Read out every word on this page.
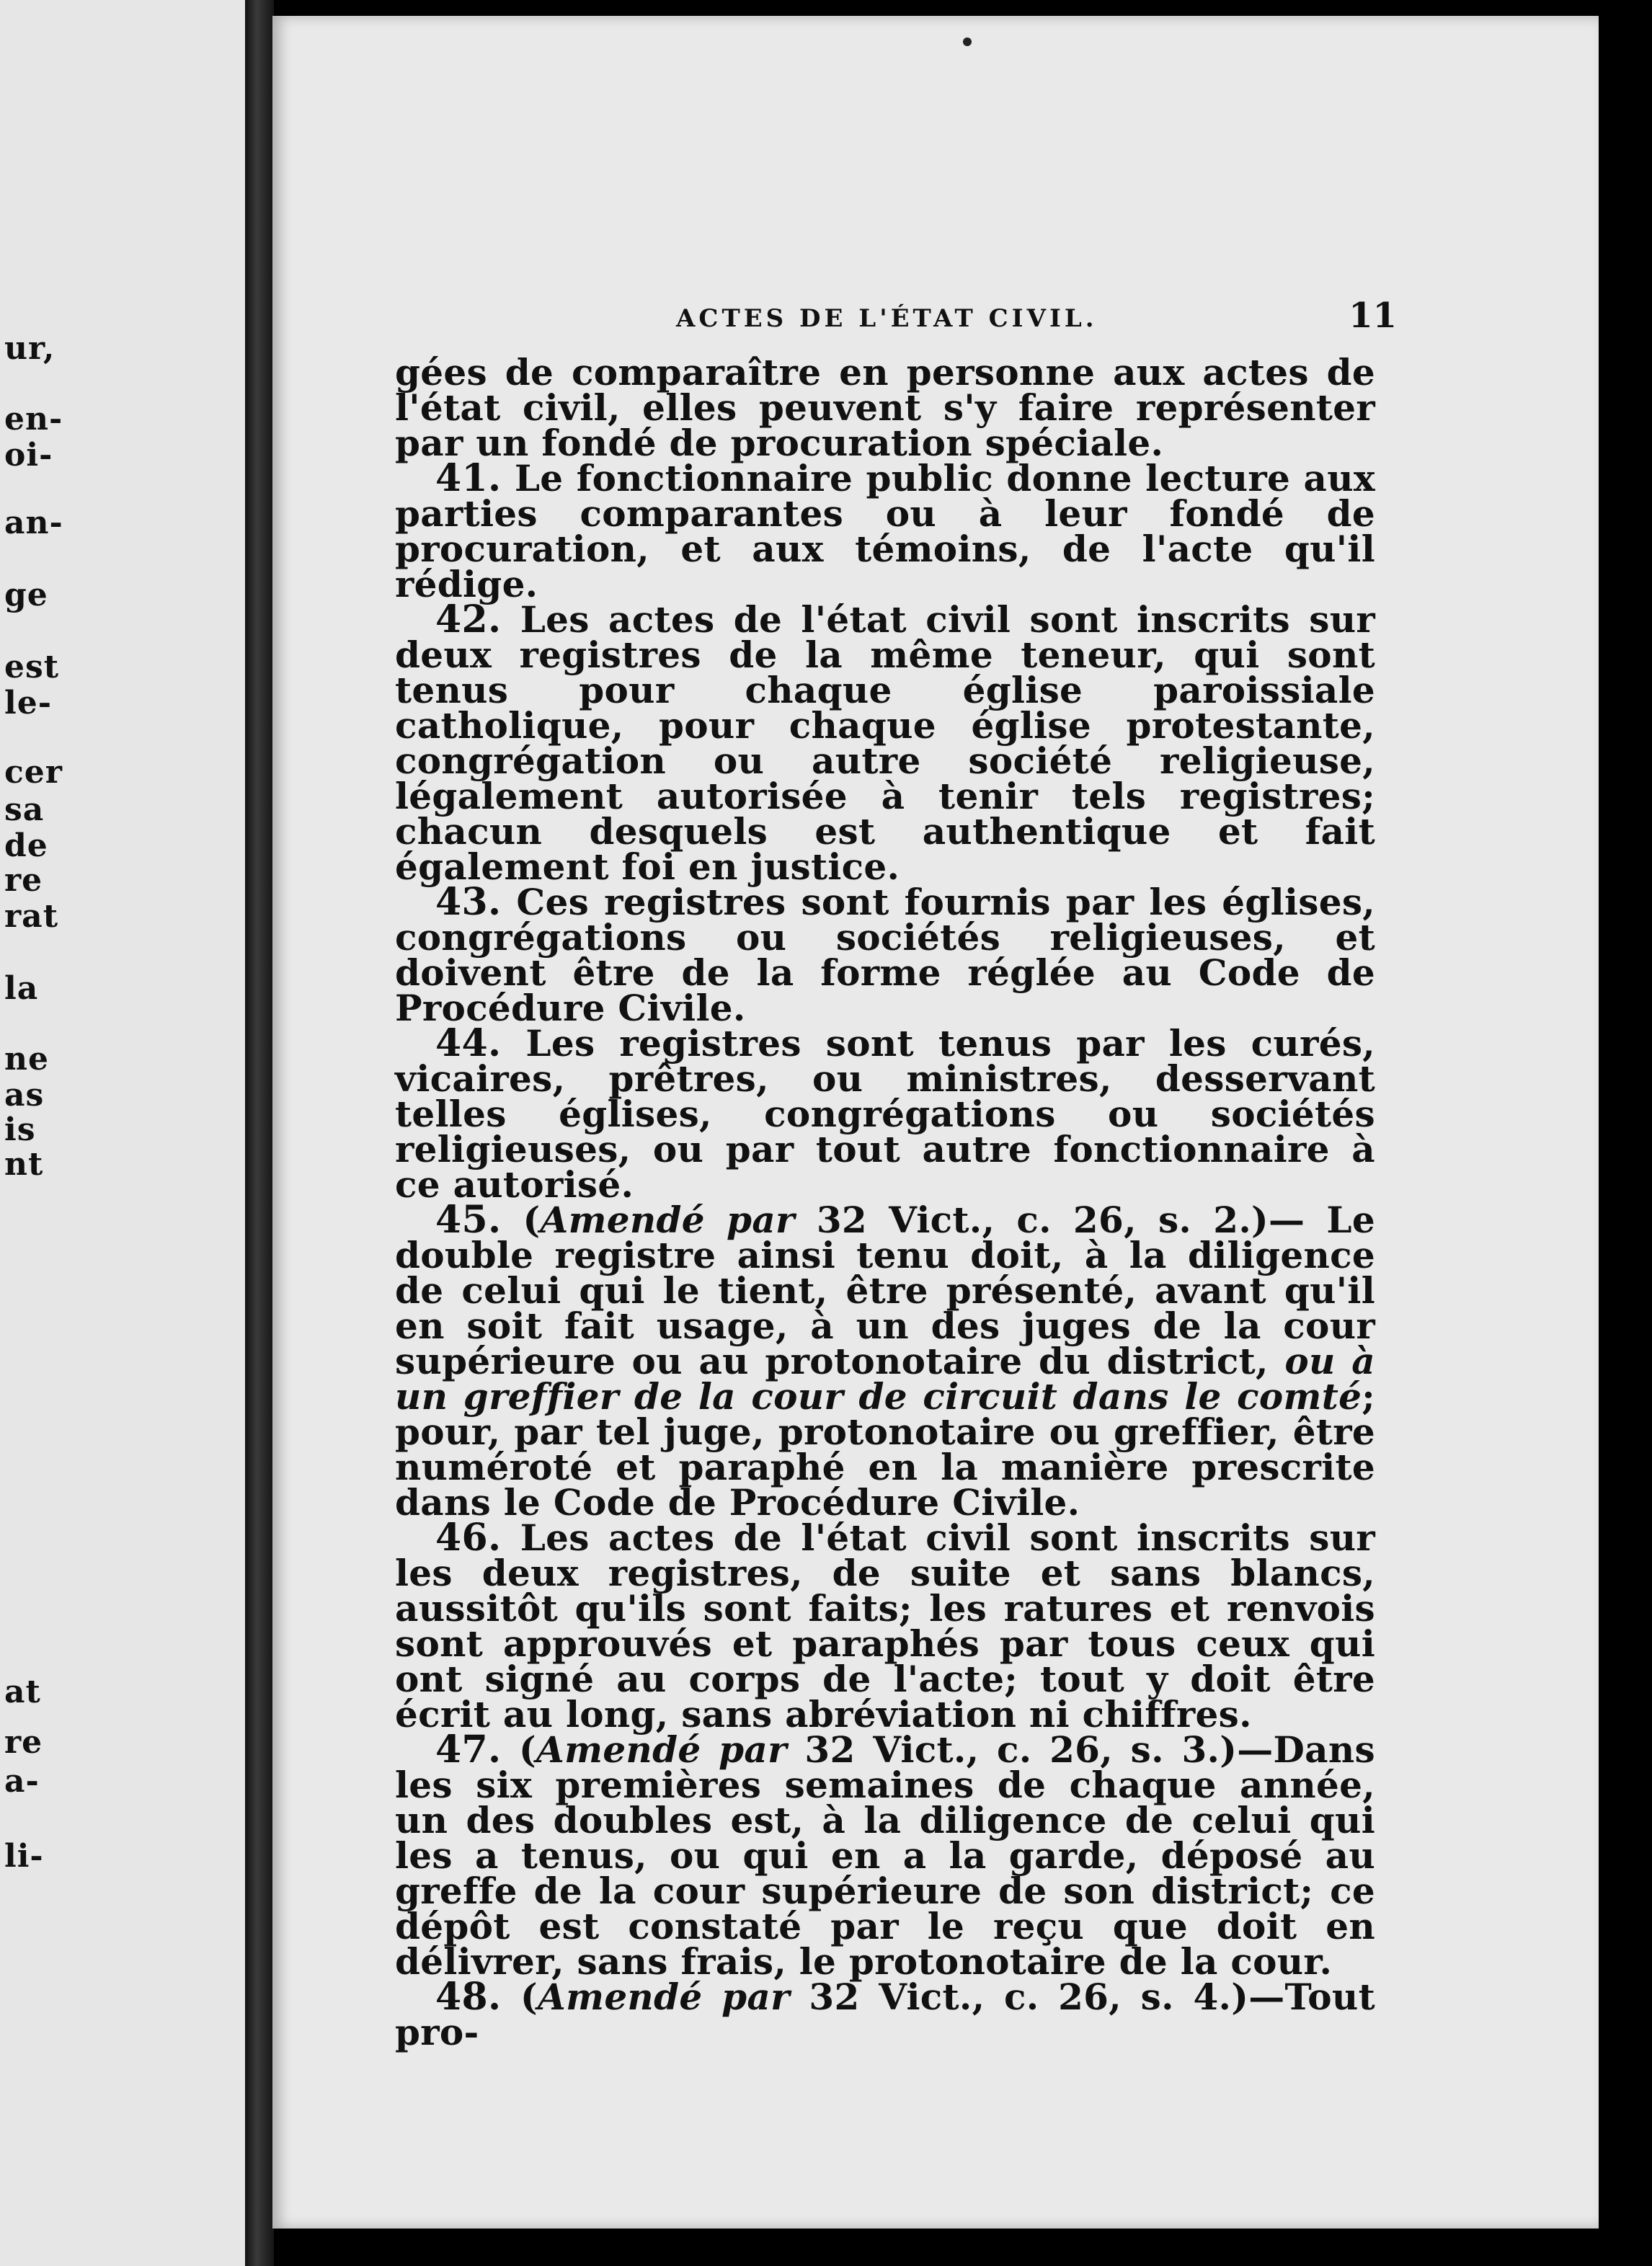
ur,
en-
oi-
an-
ge
est
le-
cer
sa
de
re
rat
la
ne
as
is
nt
at
re
a-
li-
ACTES DE L'ÉTAT CIVIL.	11

gées de comparaître en personne aux actes de l'état civil, elles peuvent s'y faire représenter par un fondé de procuration spéciale.

41. Le fonctionnaire public donne lecture aux parties comparantes ou à leur fondé de procuration, et aux témoins, de l'acte qu'il rédige.

42. Les actes de l'état civil sont inscrits sur deux registres de la même teneur, qui sont tenus pour chaque église paroissiale catholique, pour chaque église protestante, congrégation ou autre société religieuse, légalement autorisée à tenir tels registres; chacun desquels est authentique et fait également foi en justice.

43. Ces registres sont fournis par les églises, congrégations ou sociétés religieuses, et doivent être de la forme réglée au Code de Procédure Civile.

44. Les registres sont tenus par les curés, vicaires, prêtres, ou ministres, desservant telles églises, congrégations ou sociétés religieuses, ou par tout autre fonctionnaire à ce autorisé.

45. (Amendé par 32 Vict., c. 26, s. 2.)— Le double registre ainsi tenu doit, à la diligence de celui qui le tient, être présenté, avant qu'il en soit fait usage, à un des juges de la cour supérieure ou au protonotaire du district, ou à un greffier de la cour de circuit dans le comté; pour, par tel juge, protonotaire ou greffier, être numéroté et paraphé en la manière prescrite dans le Code de Procédure Civile.

46. Les actes de l'état civil sont inscrits sur les deux registres, de suite et sans blancs, aussitôt qu'ils sont faits; les ratures et renvois sont approuvés et paraphés par tous ceux qui ont signé au corps de l'acte; tout y doit être écrit au long, sans abréviation ni chiffres.

47. (Amendé par 32 Vict., c. 26, s. 3.)—Dans les six premières semaines de chaque année, un des doubles est, à la diligence de celui qui les a tenus, ou qui en a la garde, déposé au greffe de la cour supérieure de son district; ce dépôt est constaté par le reçu que doit en délivrer, sans frais, le protonotaire de la cour.

48. (Amendé par 32 Vict., c. 26, s. 4.)—Tout pro-
